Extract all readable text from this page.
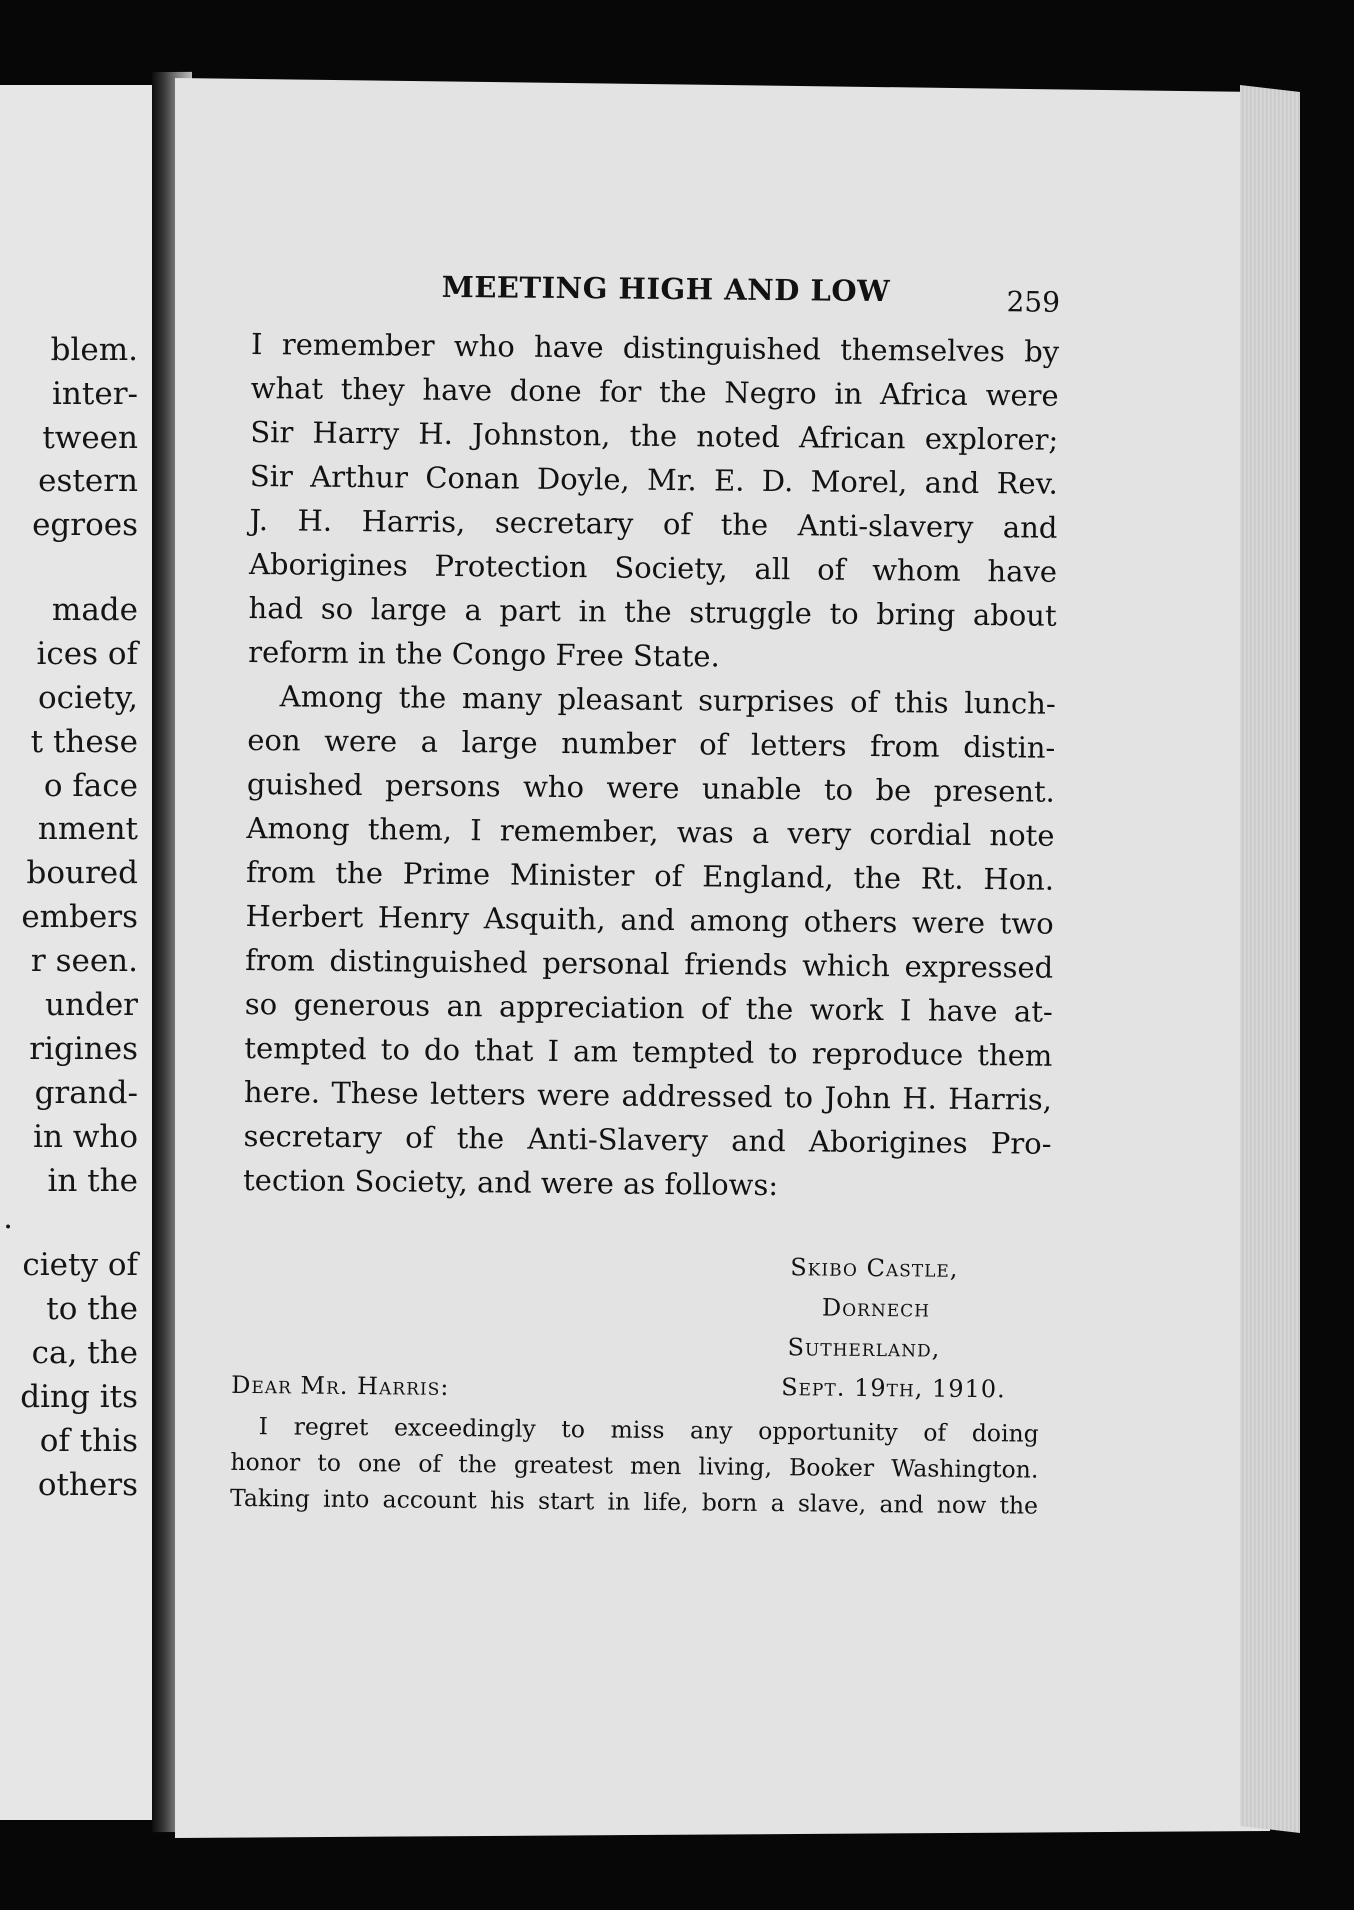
blem.
inter-
tween
estern
egroes
made
ices of
ociety,
t these
o face
nment
boured
embers
r seen.
under
rigines
grand-
in who
in the
.
ciety of
to the
ca, the
ding its
of this
others
MEETING HIGH AND LOW	259
I remember who have distinguished themselves by
what they have done for the Negro in Africa were
Sir Harry H. Johnston, the noted African explorer;
Sir Arthur Conan Doyle, Mr. E. D. Morel, and Rev.
J. H. Harris, secretary of the Anti-slavery and
Aborigines Protection Society, all of whom have
had so large a part in the struggle to bring about
reform in the Congo Free State.
Among the many pleasant surprises of this lunch-
eon were a large number of letters from distin-
guished persons who were unable to be present.
Among them, I remember, was a very cordial note
from the Prime Minister of England, the Rt. Hon.
Herbert Henry Asquith, and among others were two
from distinguished personal friends which expressed
so generous an appreciation of the work I have at-
tempted to do that I am tempted to reproduce them
here. These letters were addressed to John H. Harris,
secretary of the Anti-Slavery and Aborigines Pro-
tection Society, and were as follows:
Skibo Castle,
Dornech
Sutherland,
Sept. 19th, 1910.
Dear Mr. Harris:
I regret exceedingly to miss any opportunity of doing
honor to one of the greatest men living, Booker Washington.
Taking into account his start in life, born a slave, and now the
